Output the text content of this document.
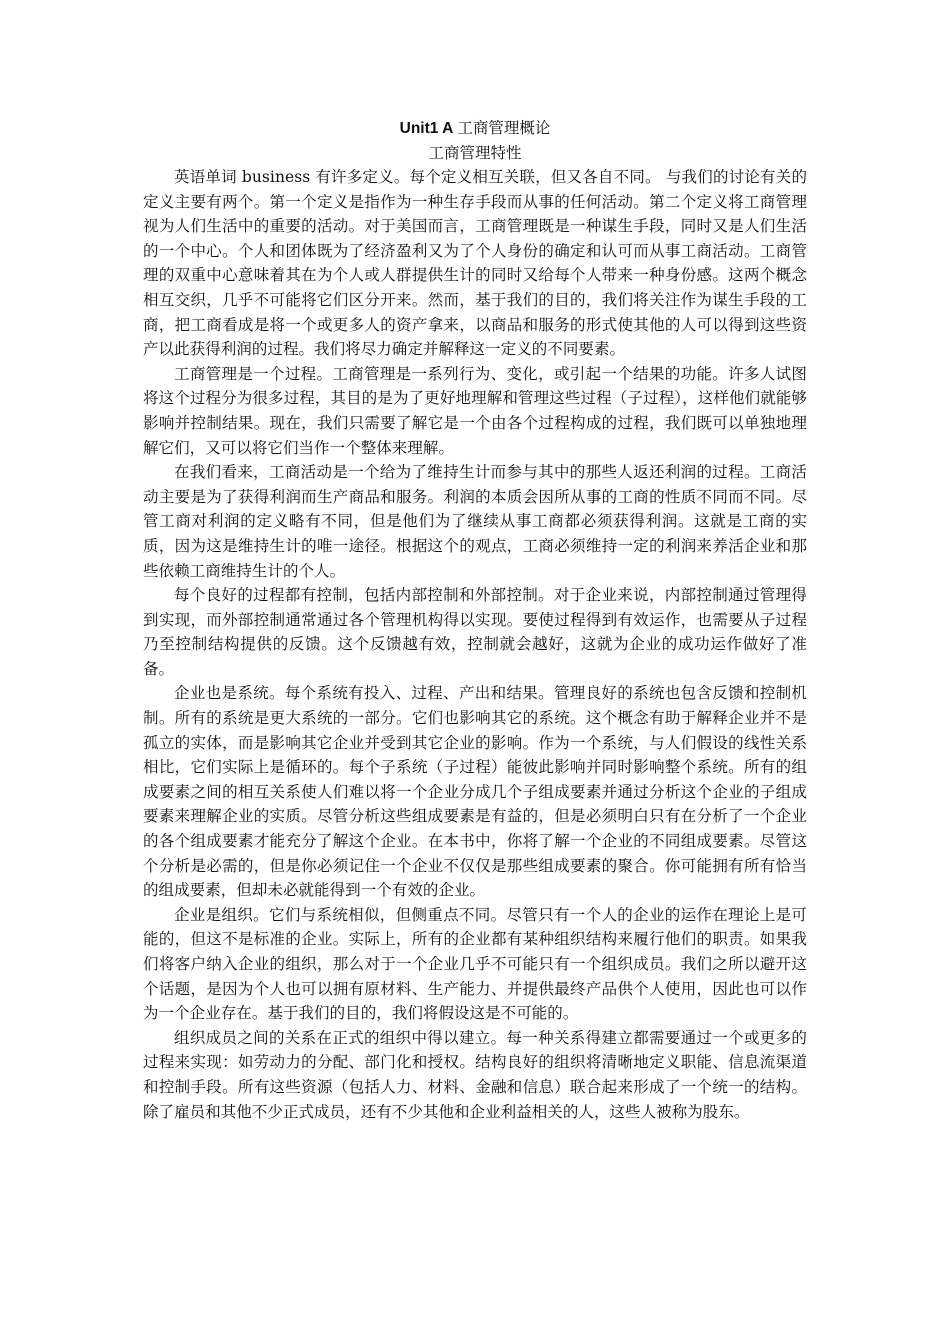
Unit1 A 工商管理概论
工商管理特性

英语单词 business 有许多定义。每个定义相互关联，但又各自不同。 与我们的讨论有关的定义主要有两个。第一个定义是指作为一种生存手段而从事的任何活动。第二个定义将工商管理视为人们生活中的重要的活动。对于美国而言，工商管理既是一种谋生手段，同时又是人们生活的一个中心。个人和团体既为了经济盈利又为了个人身份的确定和认可而从事工商活动。工商管理的双重中心意味着其在为个人或人群提供生计的同时又给每个人带来一种身份感。这两个概念相互交织，几乎不可能将它们区分开来。然而，基于我们的目的，我们将关注作为谋生手段的工商，把工商看成是将一个或更多人的资产拿来，以商品和服务的形式使其他的人可以得到这些资产以此获得利润的过程。我们将尽力确定并解释这一定义的不同要素。

工商管理是一个过程。工商管理是一系列行为、变化，或引起一个结果的功能。许多人试图将这个过程分为很多过程，其目的是为了更好地理解和管理这些过程（子过程），这样他们就能够影响并控制结果。现在，我们只需要了解它是一个由各个过程构成的过程，我们既可以单独地理解它们，又可以将它们当作一个整体来理解。

在我们看来，工商活动是一个给为了维持生计而参与其中的那些人返还利润的过程。工商活动主要是为了获得利润而生产商品和服务。利润的本质会因所从事的工商的性质不同而不同。尽管工商对利润的定义略有不同，但是他们为了继续从事工商都必须获得利润。这就是工商的实质，因为这是维持生计的唯一途径。根据这个的观点，工商必须维持一定的利润来养活企业和那些依赖工商维持生计的个人。

每个良好的过程都有控制，包括内部控制和外部控制。对于企业来说，内部控制通过管理得到实现，而外部控制通常通过各个管理机构得以实现。要使过程得到有效运作，也需要从子过程乃至控制结构提供的反馈。这个反馈越有效，控制就会越好，这就为企业的成功运作做好了准备。

企业也是系统。每个系统有投入、过程、产出和结果。管理良好的系统也包含反馈和控制机制。所有的系统是更大系统的一部分。它们也影响其它的系统。这个概念有助于解释企业并不是孤立的实体，而是影响其它企业并受到其它企业的影响。作为一个系统，与人们假设的线性关系相比，它们实际上是循环的。每个子系统（子过程）能彼此影响并同时影响整个系统。所有的组成要素之间的相互关系使人们难以将一个企业分成几个子组成要素并通过分析这个企业的子组成要素来理解企业的实质。尽管分析这些组成要素是有益的，但是必须明白只有在分析了一个企业的各个组成要素才能充分了解这个企业。在本书中，你将了解一个企业的不同组成要素。尽管这个分析是必需的，但是你必须记住一个企业不仅仅是那些组成要素的聚合。你可能拥有所有恰当的组成要素，但却未必就能得到一个有效的企业。

企业是组织。它们与系统相似，但侧重点不同。尽管只有一个人的企业的运作在理论上是可能的，但这不是标准的企业。实际上，所有的企业都有某种组织结构来履行他们的职责。如果我们将客户纳入企业的组织，那么对于一个企业几乎不可能只有一个组织成员。我们之所以避开这个话题，是因为个人也可以拥有原材料、生产能力、并提供最终产品供个人使用，因此也可以作为一个企业存在。基于我们的目的，我们将假设这是不可能的。

组织成员之间的关系在正式的组织中得以建立。每一种关系得建立都需要通过一个或更多的过程来实现：如劳动力的分配、部门化和授权。结构良好的组织将清晰地定义职能、信息流渠道和控制手段。所有这些资源（包括人力、材料、金融和信息）联合起来形成了一个统一的结构。除了雇员和其他不少正式成员，还有不少其他和企业利益相关的人，这些人被称为股东。
